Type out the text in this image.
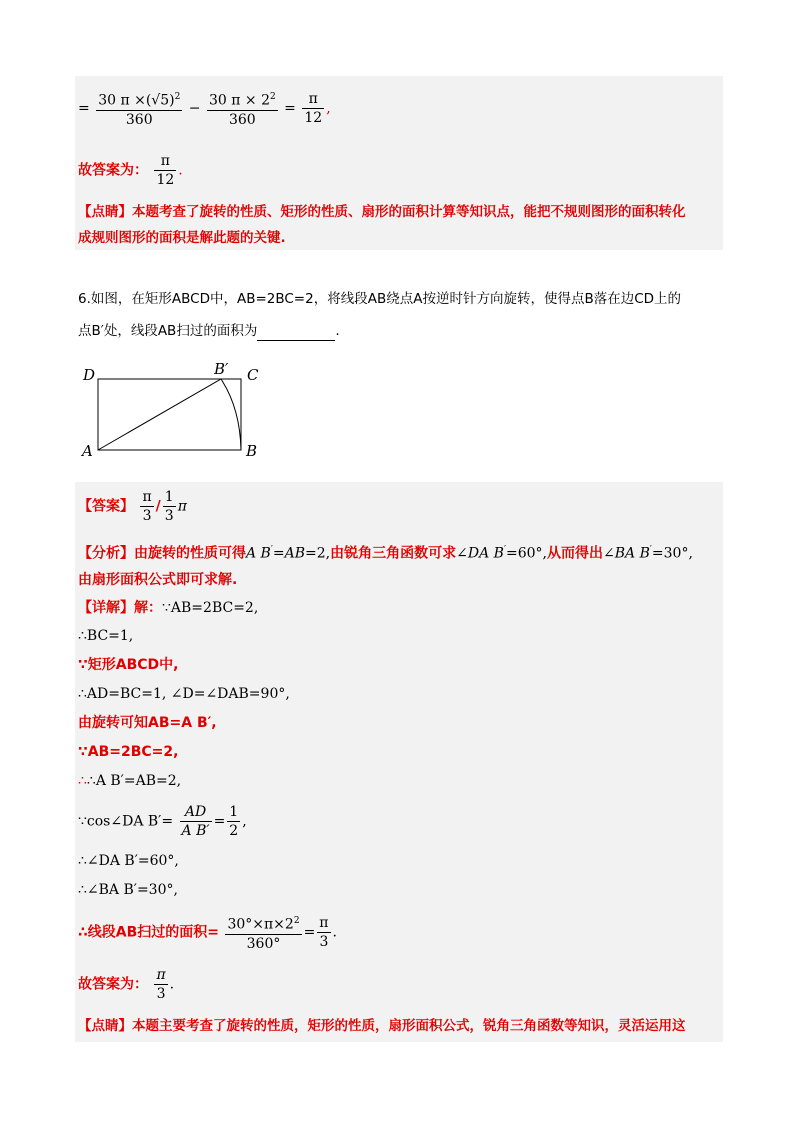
= $\frac{30 \pi \times(√5)^2}{360} - \frac{30 \pi \times 2^2}{360} = \frac{\pi}{12}$ ,
故答案为： $\frac{\pi}{12}$ .
【点睛】本题考查了旋转的性质、矩形的性质、扇形的面积计算等知识点，能把不规则图形的面积转化
成规则图形的面积是解此题的关键.
6.如图，在矩形ABCD中，AB=2BC=2，将线段AB绕点A按逆时针方向旋转，使得点B落在边CD上的
点B′处，线段AB扫过的面积为	.
D	B′ C
A	B
【答案】 $\frac{\pi}{3} / \frac{1}{3}$ π
【分析】由旋转的性质可得A B′=AB=2,由锐角三角函数可求∠DA B′=60°,从而得出∠BA B′=30°,
由扇形面积公式即可求解.
【详解】解：∵AB=2BC=2,
∴BC=1,
∵矩形ABCD中,
∴AD=BC=1, ∠D=∠DAB=90°,
由旋转可知AB=A B′,
∵AB=2BC=2,
∴∴A B′=AB=2,
∵cos∠DA $B'= \frac{AD}{\text{A B′}} = \frac{1}{2}$ ,
∴∠DA B′=60°,
∴∠BA B′=30°,
∴线段AB扫过的面积= $\frac{30^\circ\times\pi\times 2^2}{360^\circ} = \frac{\pi}{3}$ .
故答案为： $\frac{\pi}{3}$ .
【点睛】本题主要考查了旋转的性质，矩形的性质，扇形面积公式，锐角三角函数等知识，灵活运用这
